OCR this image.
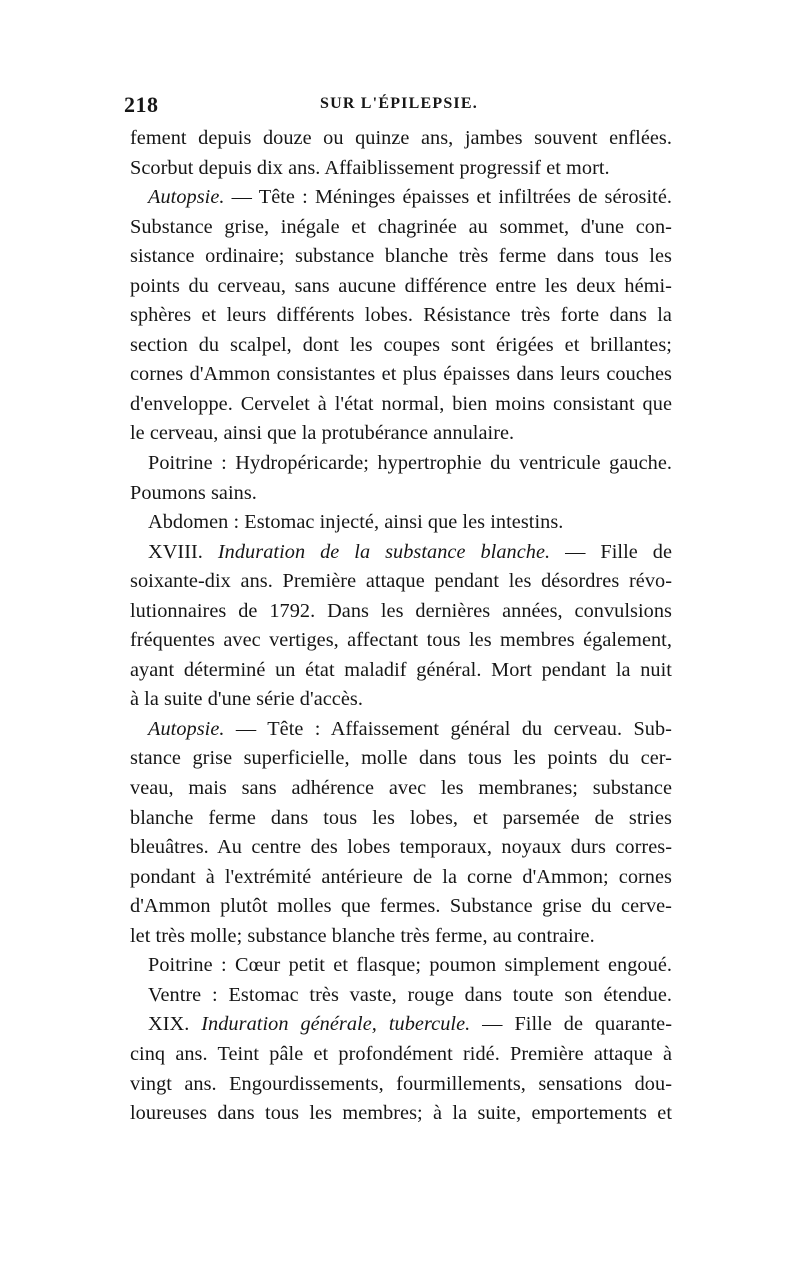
218	SUR L'ÉPILEPSIE.
fement depuis douze ou quinze ans, jambes souvent enflées.
Scorbut depuis dix ans. Affaiblissement progressif et mort.
Autopsie. — Tête : Méninges épaisses et infiltrées de sérosité.
Substance grise, inégale et chagrinée au sommet, d'une con-
sistance ordinaire; substance blanche très ferme dans tous les
points du cerveau, sans aucune différence entre les deux hémi-
sphères et leurs différents lobes. Résistance très forte dans la
section du scalpel, dont les coupes sont érigées et brillantes;
cornes d'Ammon consistantes et plus épaisses dans leurs couches
d'enveloppe. Cervelet à l'état normal, bien moins consistant que
le cerveau, ainsi que la protubérance annulaire.
Poitrine : Hydropéricarde; hypertrophie du ventricule gauche.
Poumons sains.
Abdomen : Estomac injecté, ainsi que les intestins.
XVIII. Induration de la substance blanche. — Fille de
soixante-dix ans. Première attaque pendant les désordres révo-
lutionnaires de 1792. Dans les dernières années, convulsions
fréquentes avec vertiges, affectant tous les membres également,
ayant déterminé un état maladif général. Mort pendant la nuit
à la suite d'une série d'accès.
Autopsie. — Tête : Affaissement général du cerveau. Sub-
stance grise superficielle, molle dans tous les points du cer-
veau, mais sans adhérence avec les membranes; substance
blanche ferme dans tous les lobes, et parsemée de stries
bleuâtres. Au centre des lobes temporaux, noyaux durs corres-
pondant à l'extrémité antérieure de la corne d'Ammon; cornes
d'Ammon plutôt molles que fermes. Substance grise du cerve-
let très molle; substance blanche très ferme, au contraire.
Poitrine : Cœur petit et flasque; poumon simplement engoué.
Ventre : Estomac très vaste, rouge dans toute son étendue.
XIX. Induration générale, tubercule. — Fille de quarante-
cinq ans. Teint pâle et profondément ridé. Première attaque à
vingt ans. Engourdissements, fourmillements, sensations dou-
loureuses dans tous les membres; à la suite, emportements et
